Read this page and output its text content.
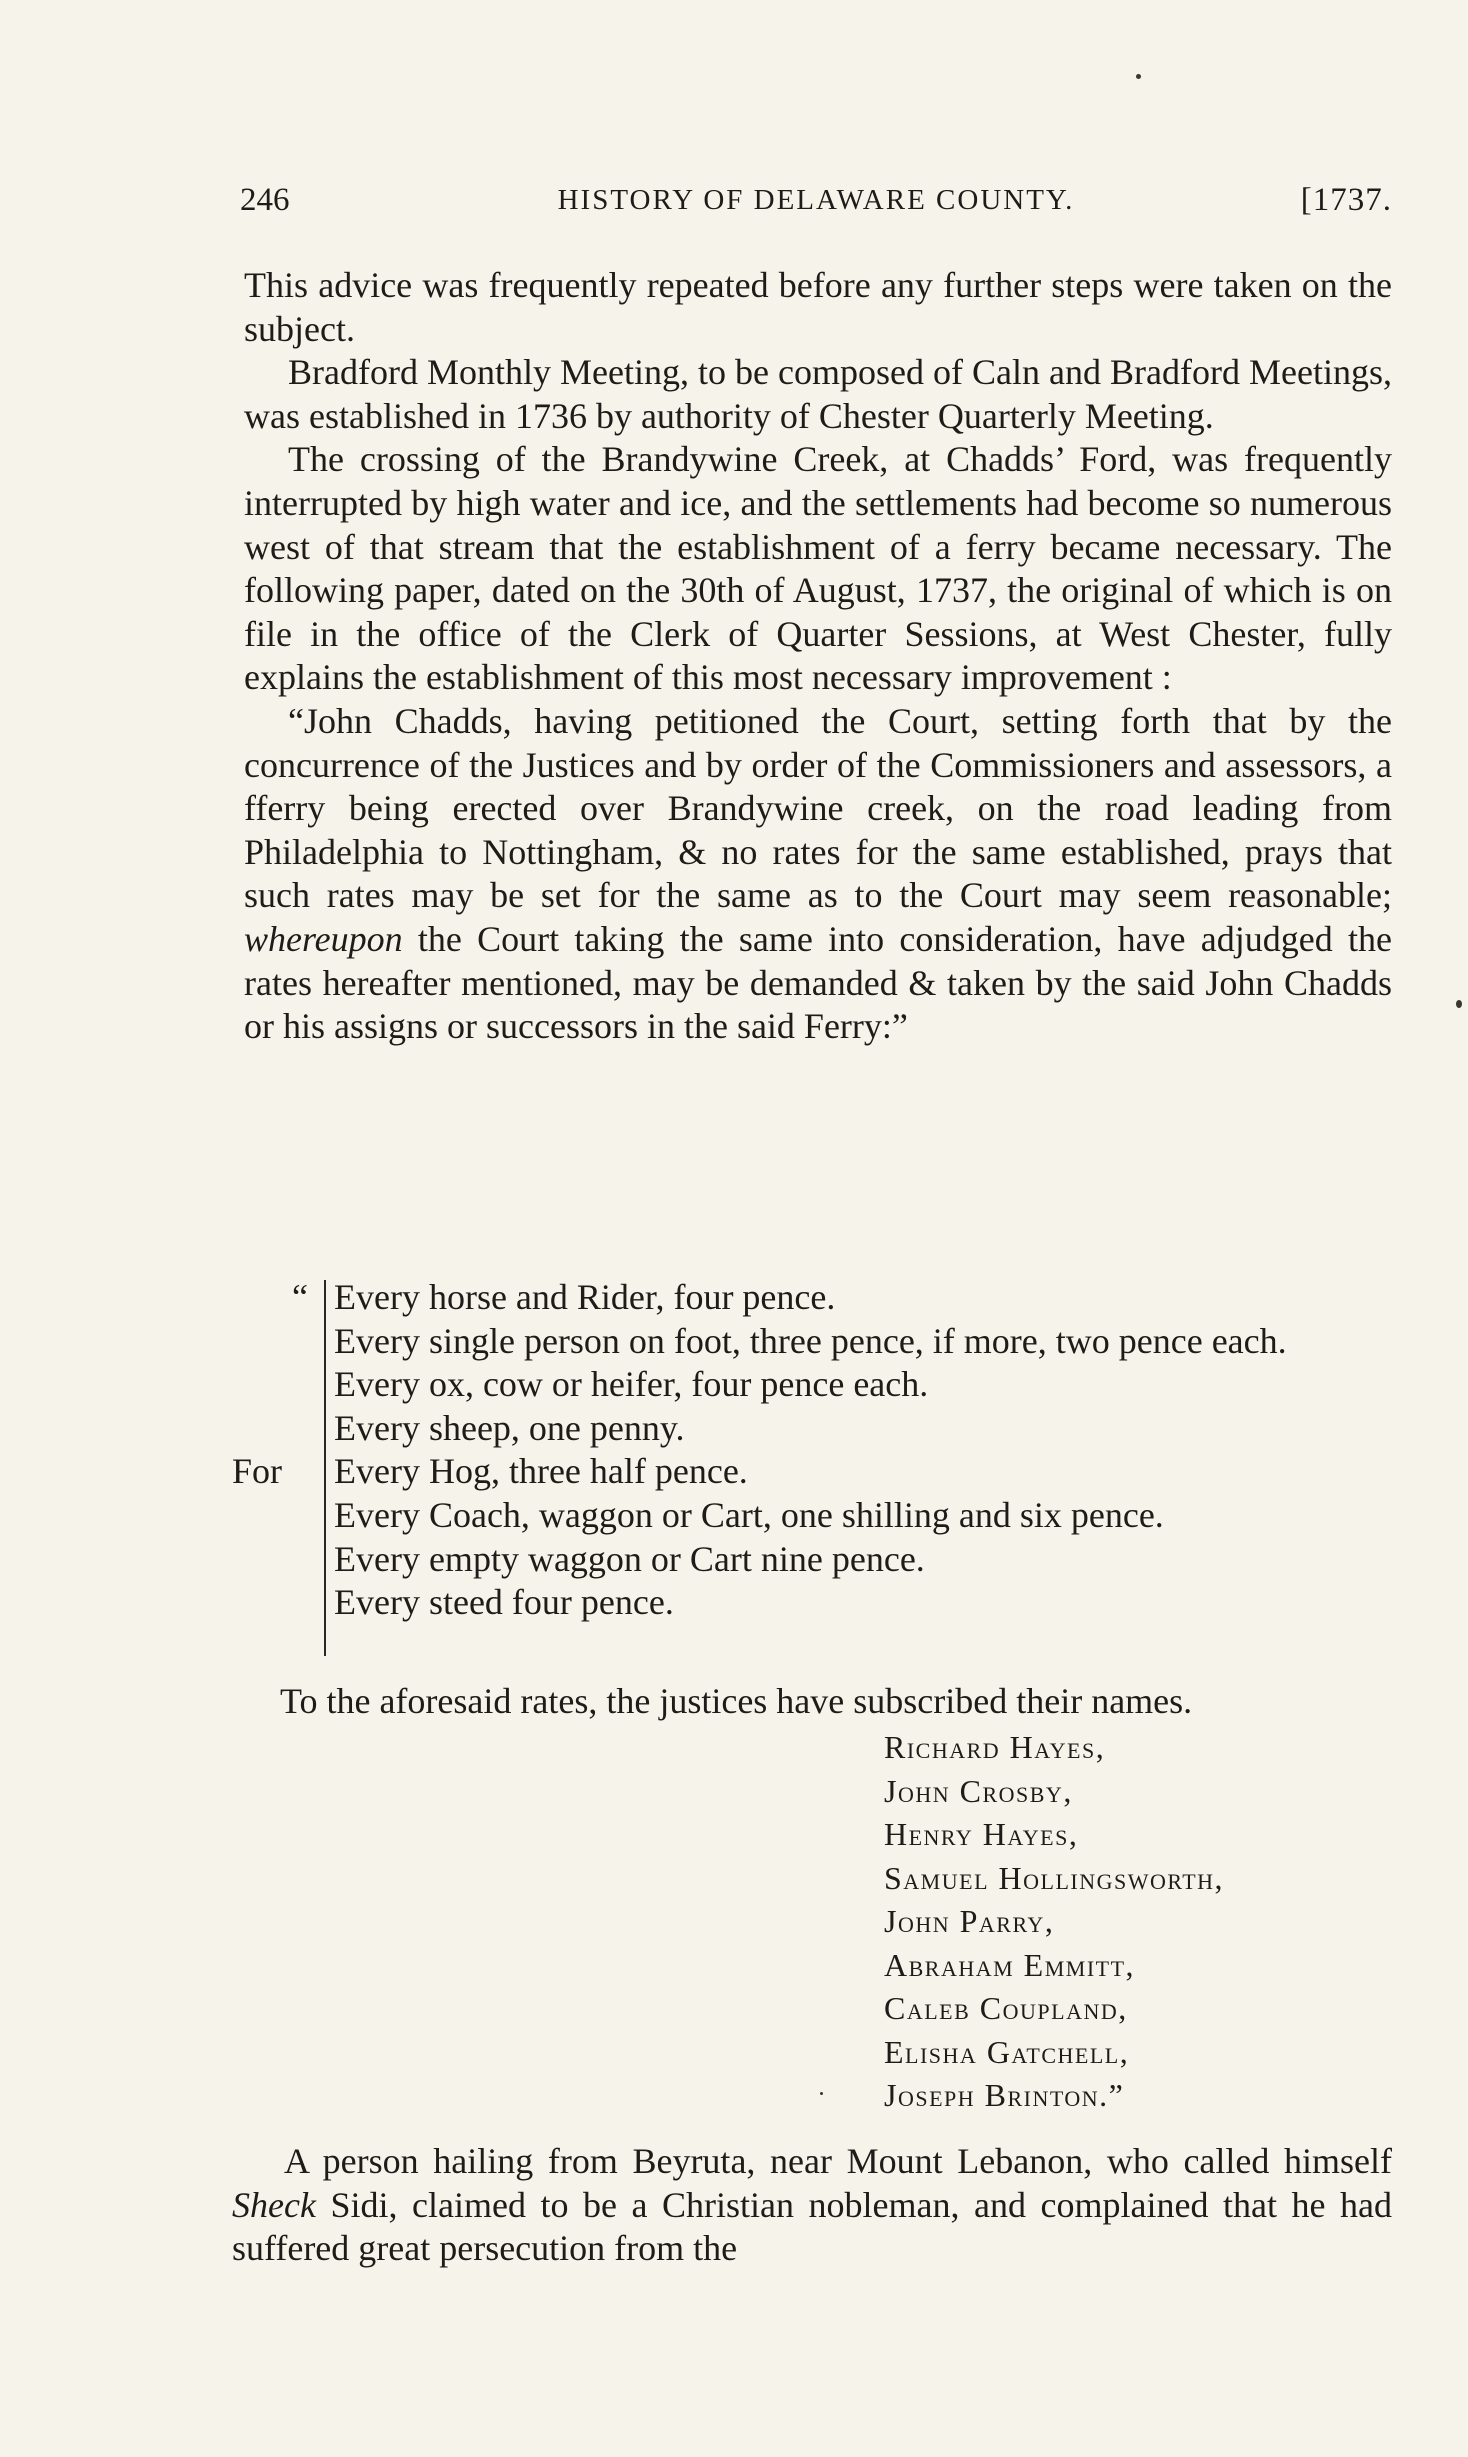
246	HISTORY OF DELAWARE COUNTY.	[1737.

This advice was frequently repeated before any further steps were taken on the subject.

Bradford Monthly Meeting, to be composed of Caln and Bradford Meetings, was established in 1736 by authority of Chester Quarterly Meeting.

The crossing of the Brandywine Creek, at Chadds’ Ford, was frequently interrupted by high water and ice, and the settlements had become so numerous west of that stream that the establishment of a ferry became necessary. The following paper, dated on the 30th of August, 1737, the original of which is on file in the office of the Clerk of Quarter Sessions, at West Chester, fully explains the establishment of this most necessary improvement :

“John Chadds, having petitioned the Court, setting forth that by the concurrence of the Justices and by order of the Commissioners and assessors, a fferry being erected over Brandywine creek, on the road leading from Philadelphia to Nottingham, & no rates for the same established, prays that such rates may be set for the same as to the Court may seem reasonable; whereupon the Court taking the same into consideration, have adjudged the rates hereafter mentioned, may be demanded & taken by the said John Chadds or his assigns or successors in the said Ferry:”

“
For
Every horse and Rider, four pence.
Every single person on foot, three pence, if more, two pence each.
Every ox, cow or heifer, four pence each.
Every sheep, one penny.
Every Hog, three half pence.
Every Coach, waggon or Cart, one shilling and six pence.
Every empty waggon or Cart nine pence.
Every steed four pence.

To the aforesaid rates, the justices have subscribed their names.

Richard Hayes,
John Crosby,
Henry Hayes,
Samuel Hollingsworth,
John Parry,
Abraham Emmitt,
Caleb Coupland,
Elisha Gatchell,
Joseph Brinton.”

A person hailing from Beyruta, near Mount Lebanon, who called himself Sheck Sidi, claimed to be a Christian nobleman, and complained that he had suffered great persecution from the
